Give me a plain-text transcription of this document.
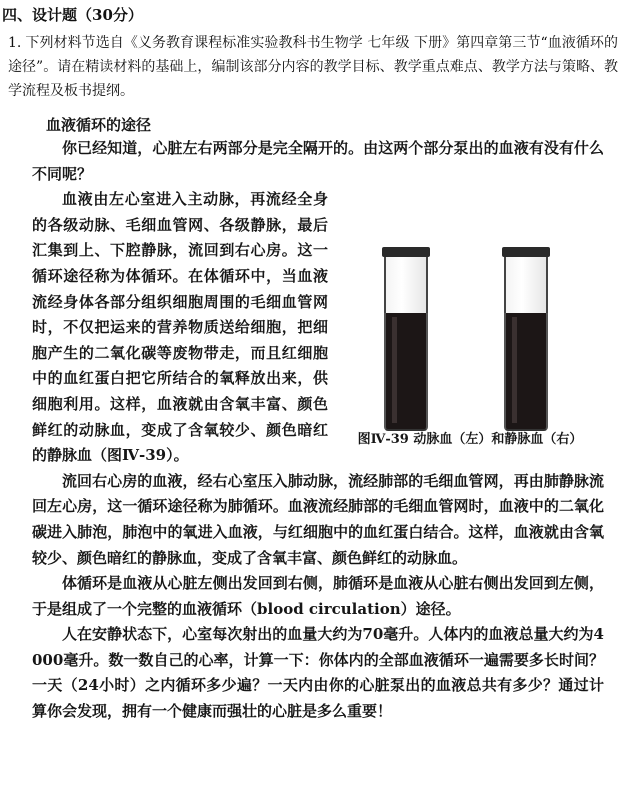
四、设计题（30分）
1. 下列材料节选自《义务教育课程标准实验教科书生物学 七年级 下册》第四章第三节“血液循环的途径”。请在精读材料的基础上，编制该部分内容的教学目标、教学重点难点、教学方法与策略、教学流程及板书提纲。
血液循环的途径

你已经知道，心脏左右两部分是完全隔开的。由这两个部分泵出的血液有没有什么不同呢？

图Ⅳ-39 动脉血（左）和静脉血（右）

血液由左心室进入主动脉，再流经全身的各级动脉、毛细血管网、各级静脉，最后汇集到上、下腔静脉，流回到右心房。这一循环途径称为体循环。在体循环中，当血液流经身体各部分组织细胞周围的毛细血管网时，不仅把运来的营养物质送给细胞，把细胞产生的二氧化碳等废物带走，而且红细胞中的血红蛋白把它所结合的氧释放出来，供细胞利用。这样，血液就由含氧丰富、颜色鲜红的动脉血，变成了含氧较少、颜色暗红的静脉血（图Ⅳ-39）。

流回右心房的血液，经右心室压入肺动脉，流经肺部的毛细血管网，再由肺静脉流回左心房，这一循环途径称为肺循环。血液流经肺部的毛细血管网时，血液中的二氧化碳进入肺泡，肺泡中的氧进入血液，与红细胞中的血红蛋白结合。这样，血液就由含氧较少、颜色暗红的静脉血，变成了含氧丰富、颜色鲜红的动脉血。

体循环是血液从心脏左侧出发回到右侧，肺循环是血液从心脏右侧出发回到左侧，于是组成了一个完整的血液循环（blood circulation）途径。

人在安静状态下，心室每次射出的血量大约为70毫升。人体内的血液总量大约为4 000毫升。数一数自己的心率，计算一下：你体内的全部血液循环一遍需要多长时间？一天（24小时）之内循环多少遍？一天内由你的心脏泵出的血液总共有多少？通过计算你会发现，拥有一个健康而强壮的心脏是多么重要！
